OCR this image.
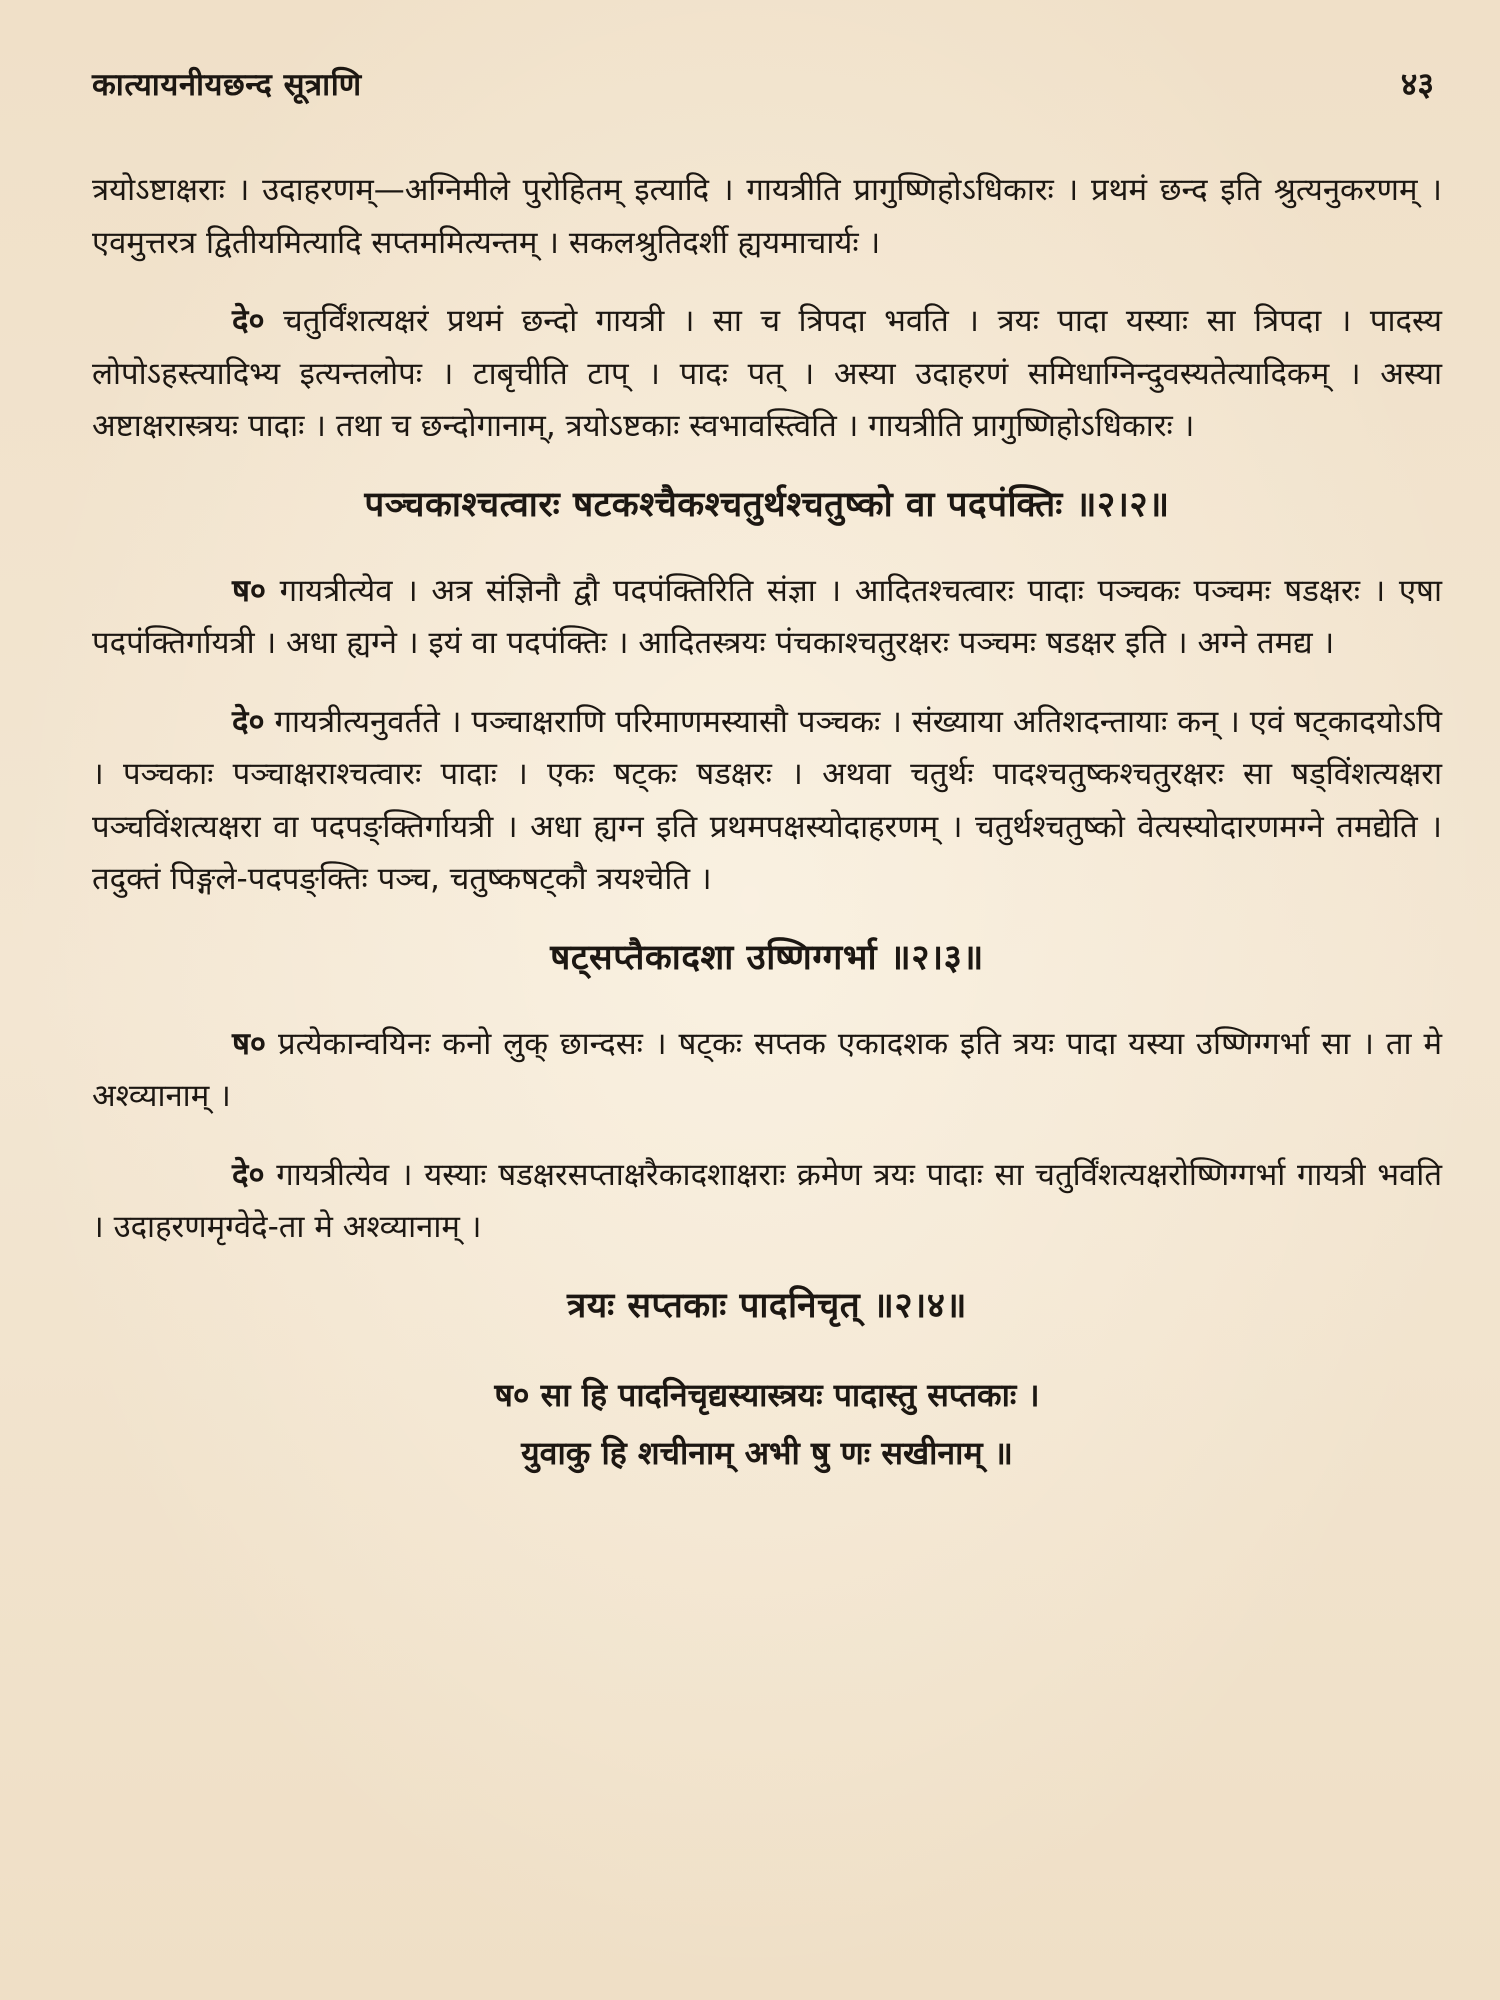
कात्यायनीयछन्द सूत्राणि	४३

त्रयोऽष्टाक्षराः । उदाहरणम्—अग्निमीले पुरोहितम् इत्यादि । गायत्रीति प्रागुष्णिहोऽधिकारः । प्रथमं छन्द इति श्रुत्यनुकरणम् । एवमुत्तरत्र द्वितीयमित्यादि सप्तममित्यन्तम् । सकलश्रुतिदर्शी ह्ययमाचार्यः ।

दे० चतुर्विंशत्यक्षरं प्रथमं छन्दो गायत्री । सा च त्रिपदा भवति । त्रयः पादा यस्याः सा त्रिपदा । पादस्य लोपोऽहस्त्यादिभ्य इत्यन्तलोपः । टाबृचीति टाप् । पादः पत् । अस्या उदाहरणं समिधाग्निन्दुवस्यतेत्यादिकम् । अस्या अष्टाक्षरास्त्रयः पादाः । तथा च छन्दोगानाम्, त्रयोऽष्टकाः स्वभावस्त्विति । गायत्रीति प्रागुष्णिहोऽधिकारः ।

पञ्चकाश्चत्वारः षटकश्चैकश्चतुर्थश्चतुष्को वा पदपंक्तिः ॥२।२॥

ष० गायत्रीत्येव । अत्र संज्ञिनौ द्वौ पदपंक्तिरिति संज्ञा । आदितश्चत्वारः पादाः पञ्चकः पञ्चमः षडक्षरः । एषा पदपंक्तिर्गायत्री । अधा ह्यग्ने । इयं वा पदपंक्तिः । आदितस्त्रयः पंचकाश्चतुरक्षरः पञ्चमः षडक्षर इति । अग्ने तमद्य ।

दे० गायत्रीत्यनुवर्तते । पञ्चाक्षराणि परिमाणमस्यासौ पञ्चकः । संख्याया अतिशदन्तायाः कन् । एवं षट्कादयोऽपि । पञ्चकाः पञ्चाक्षराश्चत्वारः पादाः । एकः षट्कः षडक्षरः । अथवा चतुर्थः पादश्चतुष्कश्चतुरक्षरः सा षड्विंशत्यक्षरा पञ्चविंशत्यक्षरा वा पदपङ्क्तिर्गायत्री । अधा ह्यग्न इति प्रथमपक्षस्योदाहरणम् । चतुर्थश्चतुष्को वेत्यस्योदारणमग्ने तमद्येति । तदुक्तं पिङ्गले-पदपङ्क्तिः पञ्च, चतुष्कषट्कौ त्रयश्चेति ।

षट्सप्तैकादशा उष्णिग्गर्भा ॥२।३॥

ष० प्रत्येकान्वयिनः कनो लुक् छान्दसः । षट्कः सप्तक एकादशक इति त्रयः पादा यस्या उष्णिग्गर्भा सा । ता मे अश्व्यानाम् ।

दे० गायत्रीत्येव । यस्याः षडक्षरसप्ताक्षरैकादशाक्षराः क्रमेण त्रयः पादाः सा चतुर्विंशत्यक्षरोष्णिग्गर्भा गायत्री भवति । उदाहरणमृग्वेदे-ता मे अश्व्यानाम् ।

त्रयः सप्तकाः पादनिचृत् ॥२।४॥
ष० सा हि पादनिचृद्यस्यास्त्रयः पादास्तु सप्तकाः ।
युवाकु हि शचीनाम् अभी षु णः सखीनाम् ॥
